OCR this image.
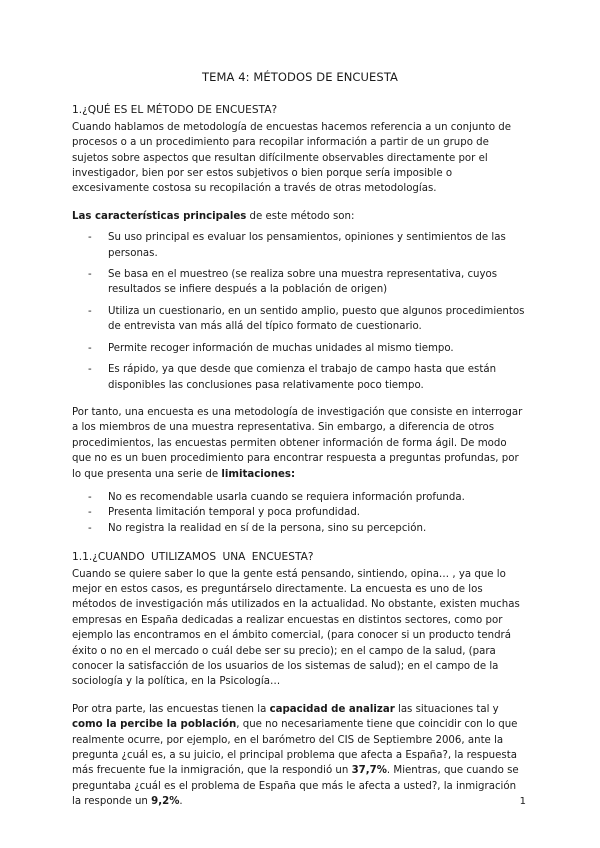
TEMA 4: MÉTODOS DE ENCUESTA
1.¿QUÉ ES EL MÉTODO DE ENCUESTA?

Cuando hablamos de metodología de encuestas hacemos referencia a un conjunto de procesos o a un procedimiento para recopilar información a partir de un grupo de sujetos sobre aspectos que resultan difícilmente observables directamente por el investigador, bien por ser estos subjetivos o bien porque sería imposible o excesivamente costosa su recopilación a través de otras metodologías.

Las características principales de este método son:

- Su uso principal es evaluar los pensamientos, opiniones y sentimientos de las personas.
- Se basa en el muestreo (se realiza sobre una muestra representativa, cuyos resultados se infiere después a la población de origen)
- Utiliza un cuestionario, en un sentido amplio, puesto que algunos procedimientos de entrevista van más allá del típico formato de cuestionario.
- Permite recoger información de muchas unidades al mismo tiempo.
- Es rápido, ya que desde que comienza el trabajo de campo hasta que están disponibles las conclusiones pasa relativamente poco tiempo.

Por tanto, una encuesta es una metodología de investigación que consiste en interrogar a los miembros de una muestra representativa. Sin embargo, a diferencia de otros procedimientos, las encuestas permiten obtener información de forma ágil. De modo que no es un buen procedimiento para encontrar respuesta a preguntas profundas, por lo que presenta una serie de limitaciones:

- No es recomendable usarla cuando se requiera información profunda.
- Presenta limitación temporal y poca profundidad.
- No registra la realidad en sí de la persona, sino su percepción.
1.1.¿CUANDO UTILIZAMOS UNA ENCUESTA?

Cuando se quiere saber lo que la gente está pensando, sintiendo, opina… , ya que lo mejor en estos casos, es preguntárselo directamente. La encuesta es uno de los métodos de investigación más utilizados en la actualidad. No obstante, existen muchas empresas en España dedicadas a realizar encuestas en distintos sectores, como por ejemplo las encontramos en el ámbito comercial, (para conocer si un producto tendrá éxito o no en el mercado o cuál debe ser su precio); en el campo de la salud, (para conocer la satisfacción de los usuarios de los sistemas de salud); en el campo de la sociología y la política, en la Psicología…

Por otra parte, las encuestas tienen la capacidad de analizar las situaciones tal y como la percibe la población, que no necesariamente tiene que coincidir con lo que realmente ocurre, por ejemplo, en el barómetro del CIS de Septiembre 2006, ante la pregunta ¿cuál es, a su juicio, el principal problema que afecta a España?, la respuesta más frecuente fue la inmigración, que la respondió un 37,7%. Mientras, que cuando se preguntaba ¿cuál es el problema de España que más le afecta a usted?, la inmigración la responde un 9,2%.	1
